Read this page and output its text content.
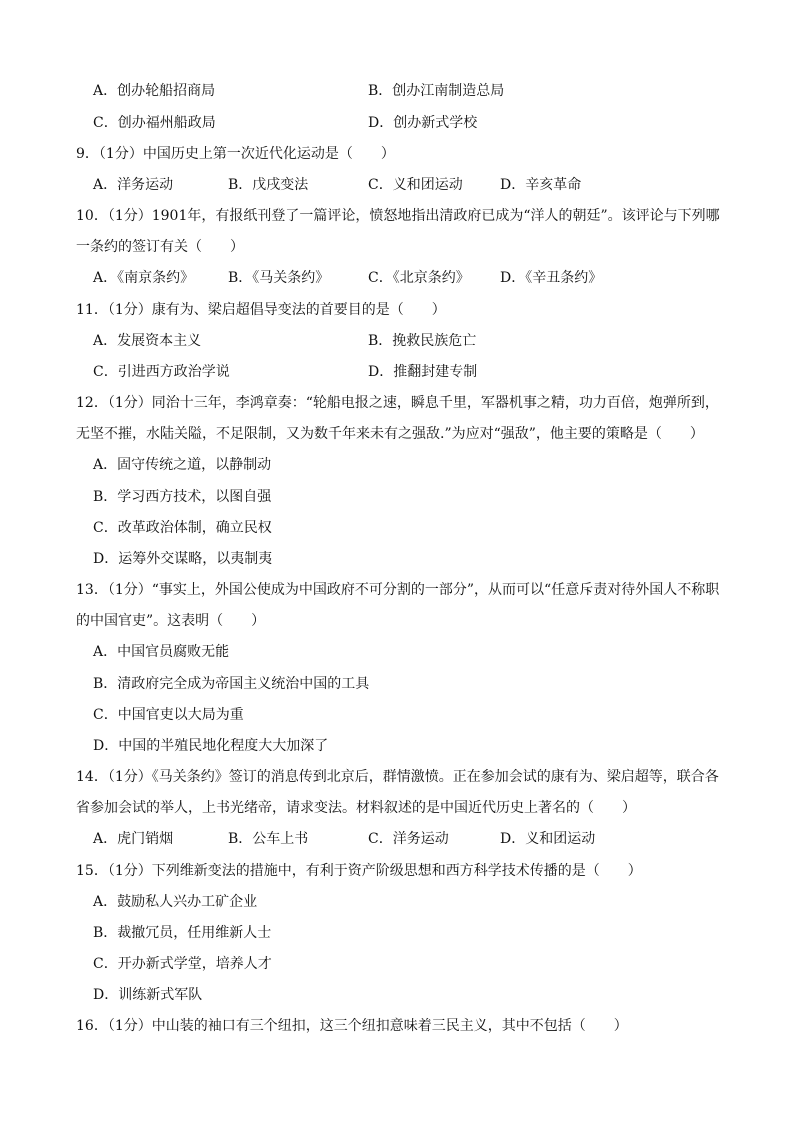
A．创办轮船招商局	B．创办江南制造总局
C．创办福州船政局	D．创办新式学校
9．（1分）中国历史上第一次近代化运动是（　　）
A．洋务运动	B．戊戌变法	C．义和团运动	D．辛亥革命
10．（1分）1901年，有报纸刊登了一篇评论，愤怒地指出清政府已成为“洋人的朝廷”。该评论与下列哪
一条约的签订有关（　　）
A．《南京条约》 B．《马关条约》	C．《北京条约》 D．《辛丑条约》
11．（1分）康有为、梁启超倡导变法的首要目的是（　　）
A．发展资本主义	B．挽救民族危亡
C．引进西方政治学说	D．推翻封建专制
12．（1分）同治十三年，李鸿章奏：“轮船电报之速，瞬息千里，军器机事之精，功力百倍，炮弹所到，
无坚不摧，水陆关隘，不足限制，又为数千年来未有之强敌.”为应对“强敌”，他主要的策略是（　　）
A．固守传统之道，以静制动
B．学习西方技术，以图自强
C．改革政治体制，确立民权
D．运筹外交谋略，以夷制夷
13．（1分）“事实上，外国公使成为中国政府不可分割的一部分”，从而可以“任意斥责对待外国人不称职
的中国官吏”。这表明（　　）
A．中国官员腐败无能
B．清政府完全成为帝国主义统治中国的工具
C．中国官吏以大局为重
D．中国的半殖民地化程度大大加深了
14．（1分）《马关条约》签订的消息传到北京后，群情激愤。正在参加会试的康有为、梁启超等，联合各
省参加会试的举人，上书光绪帝，请求变法。材料叙述的是中国近代历史上著名的（　　）
A．虎门销烟	B．公车上书	C．洋务运动	D．义和团运动
15．（1分）下列维新变法的措施中，有利于资产阶级思想和西方科学技术传播的是（　　）
A．鼓励私人兴办工矿企业
B．裁撤冗员，任用维新人士
C．开办新式学堂，培养人才
D．训练新式军队
16．（1分）中山装的袖口有三个纽扣，这三个纽扣意味着三民主义，其中不包括（　　）
